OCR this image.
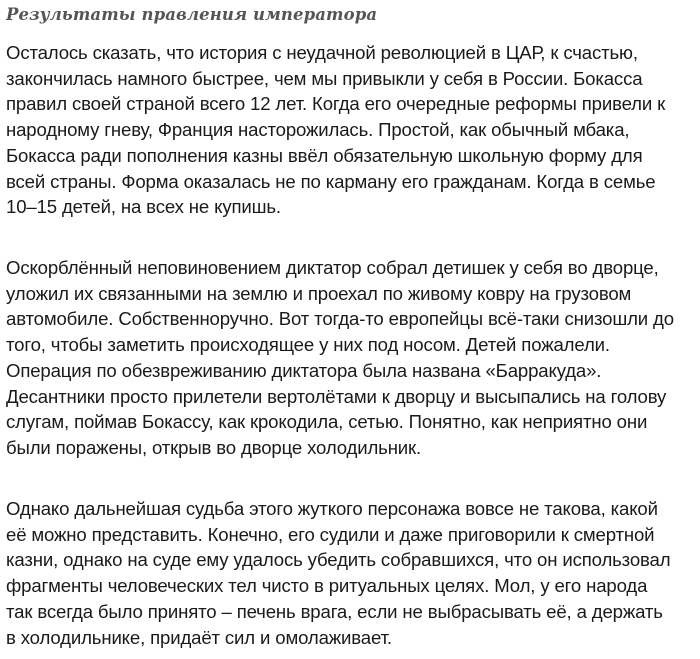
Результаты правления императора

Осталось сказать, что история с неудачной революцией в ЦАР, к счастью,
закончилась намного быстрее, чем мы привыкли у себя в России. Бокасса
правил своей страной всего 12 лет. Когда его очередные реформы привели к
народному гневу, Франция насторожилась. Простой, как обычный мбака,
Бокасса ради пополнения казны ввёл обязательную школьную форму для
всей страны. Форма оказалась не по карману его гражданам. Когда в семье
10–15 детей, на всех не купишь.

Оскорблённый неповиновением диктатор собрал детишек у себя во дворце,
уложил их связанными на землю и проехал по живому ковру на грузовом
автомобиле. Собственноручно. Вот тогда-то европейцы всё-таки снизошли до
того, чтобы заметить происходящее у них под носом. Детей пожалели.
Операция по обезвреживанию диктатора была названа «Барракуда».
Десантники просто прилетели вертолётами к дворцу и высыпались на голову
слугам, поймав Бокассу, как крокодила, сетью. Понятно, как неприятно они
были поражены, открыв во дворце холодильник.

Однако дальнейшая судьба этого жуткого персонажа вовсе не такова, какой
её можно представить. Конечно, его судили и даже приговорили к смертной
казни, однако на суде ему удалось убедить собравшихся, что он использовал
фрагменты человеческих тел чисто в ритуальных целях. Мол, у его народа
так всегда было принято – печень врага, если не выбрасывать её, а держать
в холодильнике, придаёт сил и омолаживает.
